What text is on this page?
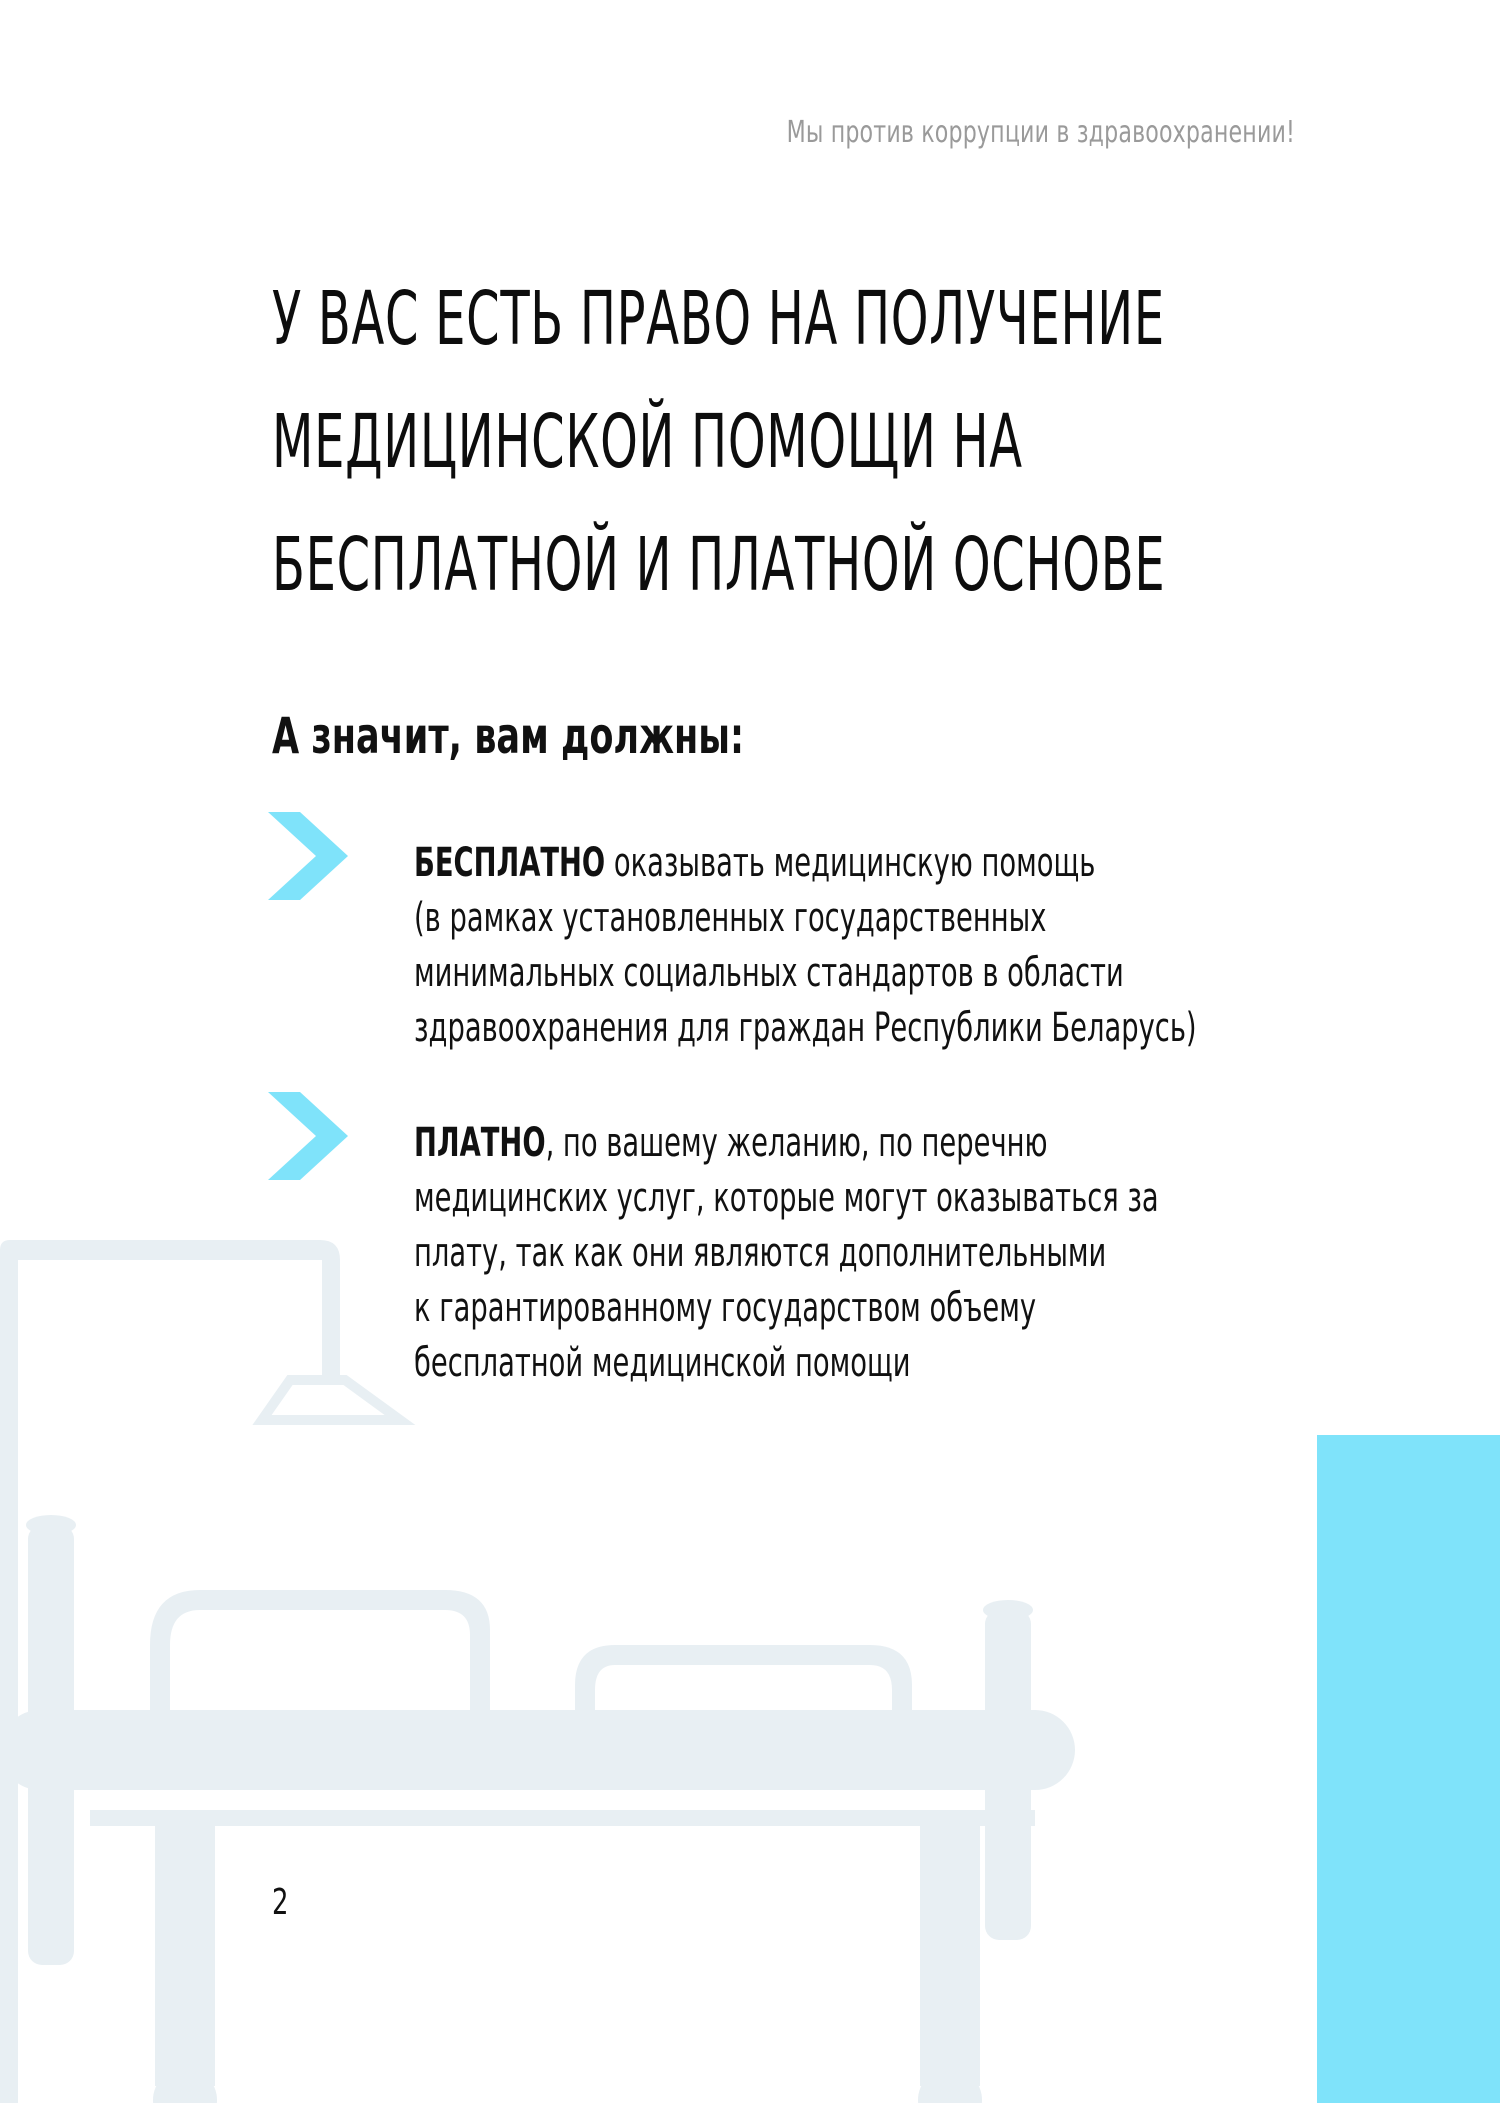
Мы против коррупции в здравоохранении!
У ВАС ЕСТЬ ПРАВО НА ПОЛУЧЕНИЕ
МЕДИЦИНСКОЙ ПОМОЩИ НА
БЕСПЛАТНОЙ И ПЛАТНОЙ ОСНОВЕ
А значит, вам должны:

БЕСПЛАТНО оказывать медицинскую помощь
(в рамках установленных государственных
минимальных социальных стандартов в области
здравоохранения для граждан Республики Беларусь)

ПЛАТНО, по вашему желанию, по перечню
медицинских услуг, которые могут оказываться за
плату, так как они являются дополнительными
к гарантированному государством объему
бесплатной медицинской помощи

2
